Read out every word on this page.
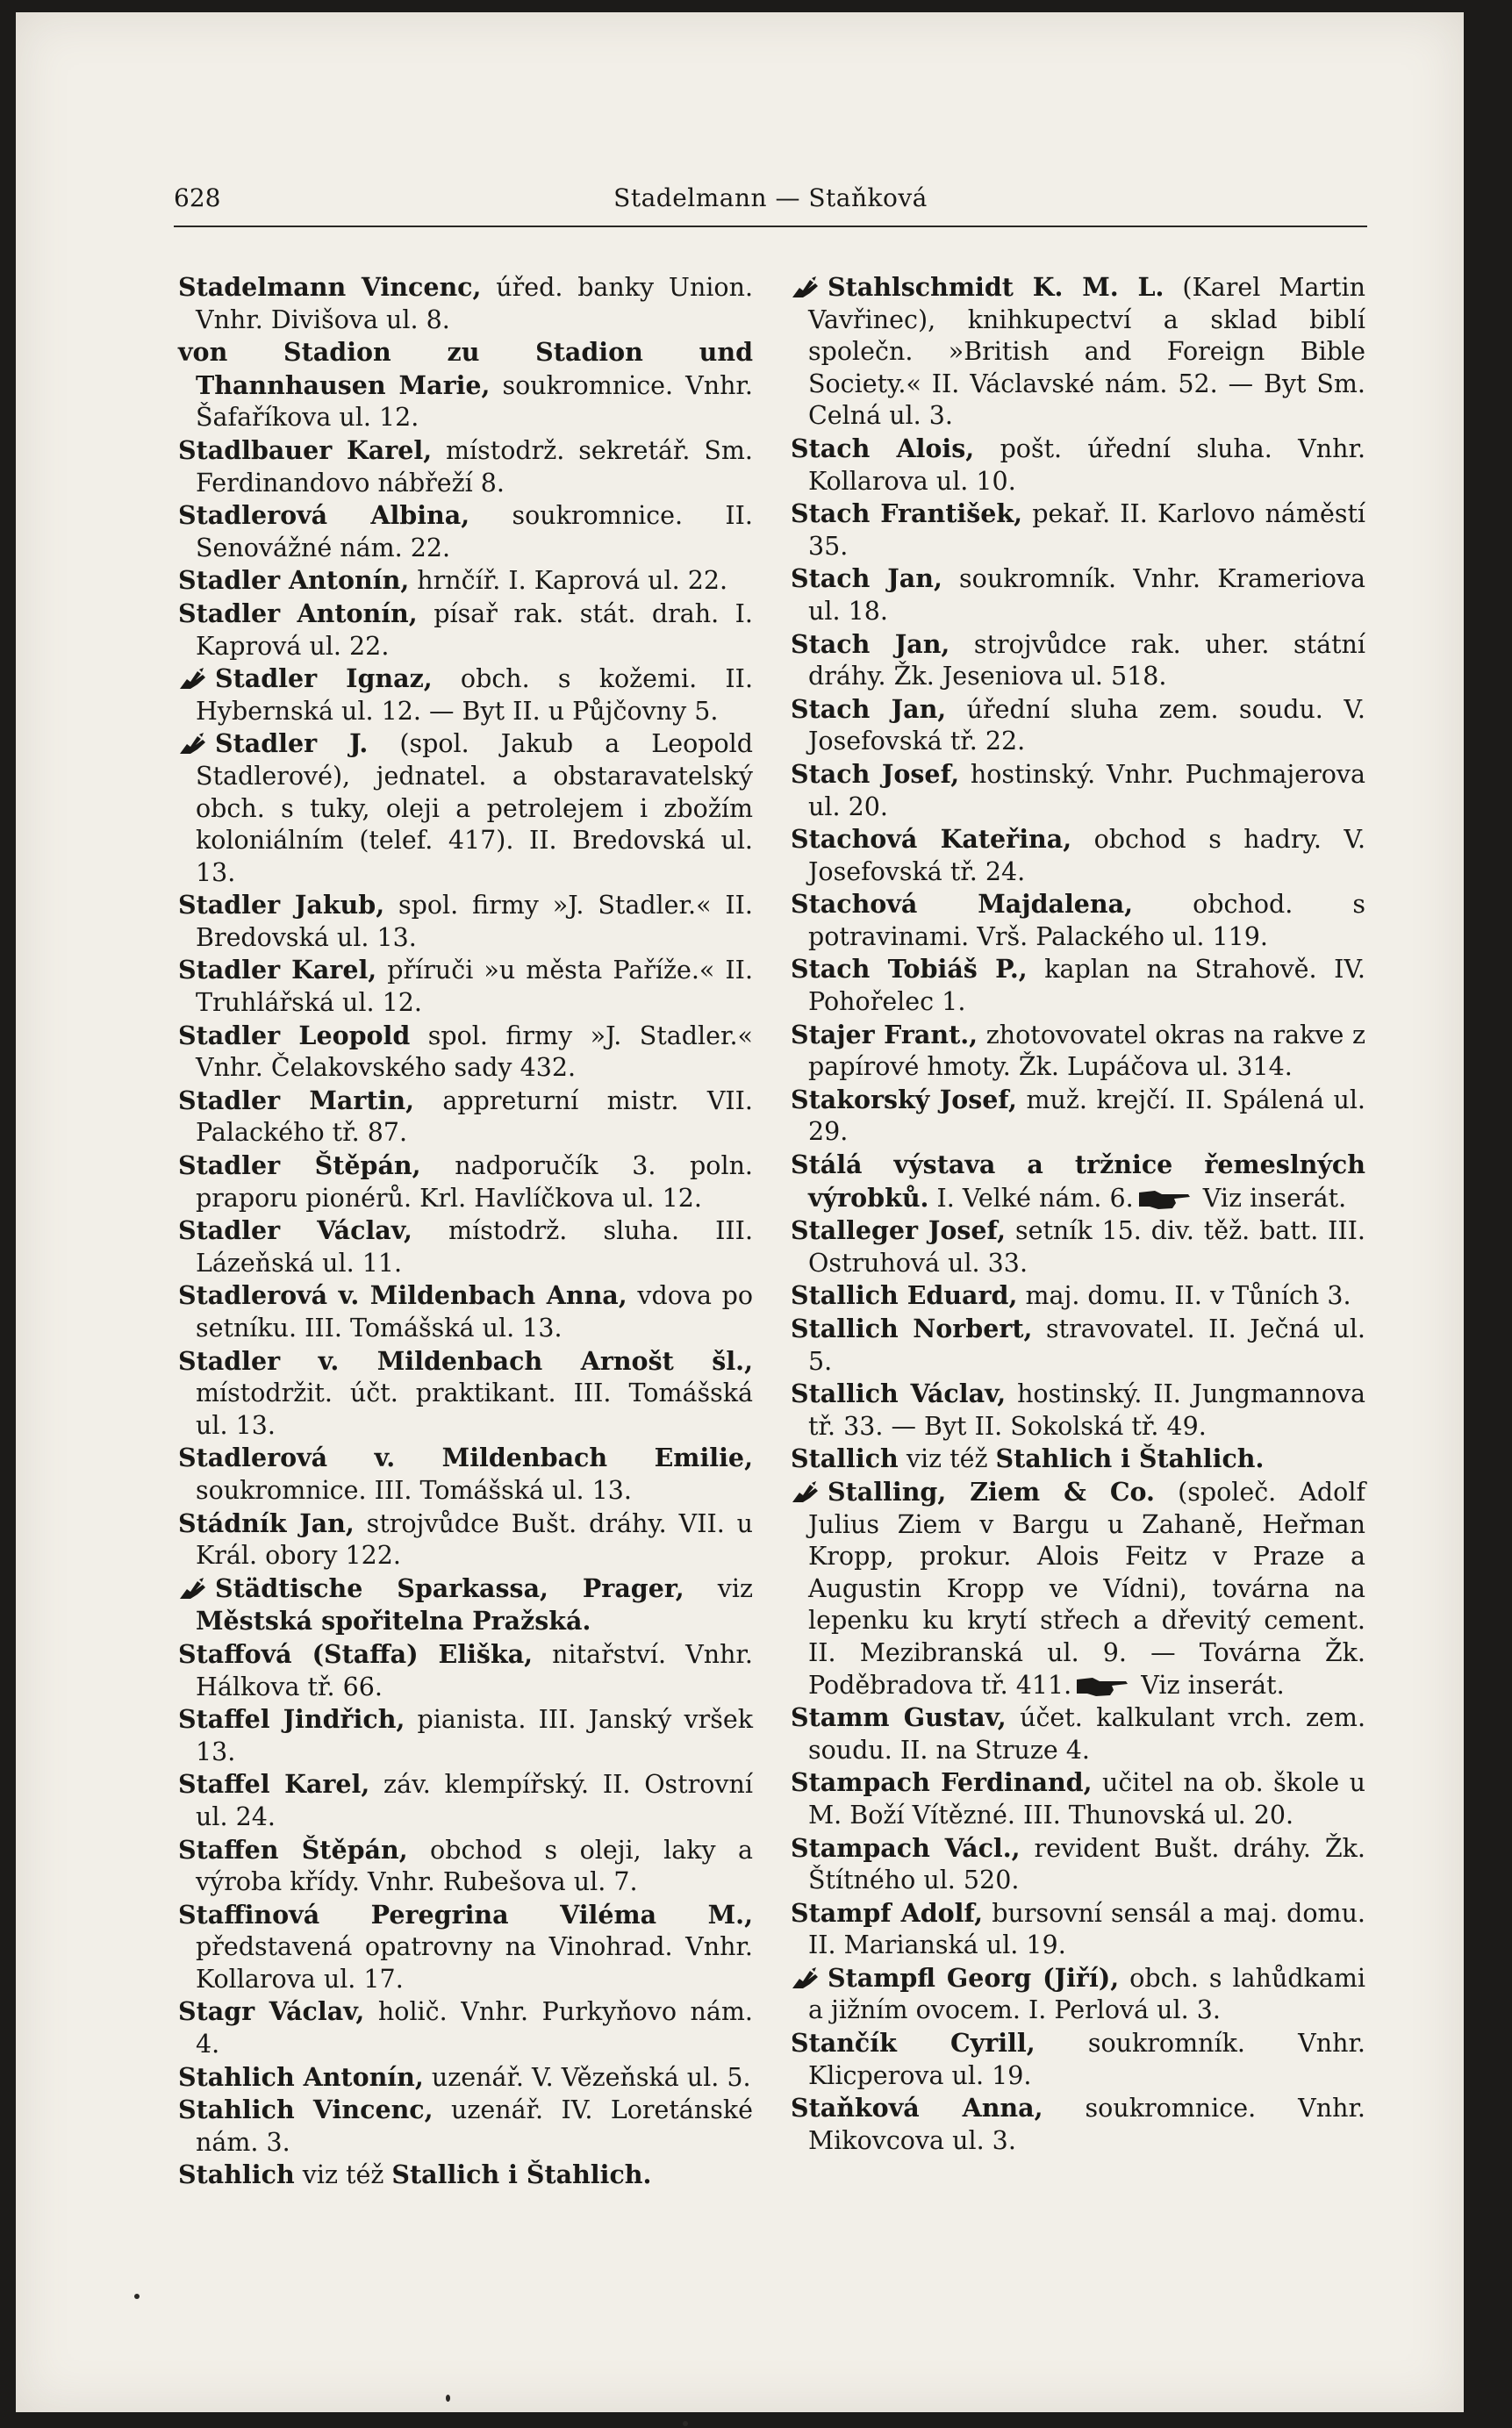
628	Stadelmann — Staňková

Stadelmann Vincenc, úřed. banky Union. Vnhr. Divišova ul. 8.

von Stadion zu Stadion und Thannhausen Marie, soukromnice. Vnhr. Šafaříkova ul. 12.

Stadlbauer Karel, místodrž. sekretář. Sm. Ferdinandovo nábřeží 8.

Stadlerová Albina, soukromnice. II. Senovážné nám. 22.

Stadler Antonín, hrnčíř. I. Kaprová ul. 22.

Stadler Antonín, písař rak. stát. drah. I. Kaprová ul. 22.

Stadler Ignaz, obch. s kožemi. II. Hybernská ul. 12. — Byt II. u Půjčovny 5.

Stadler J. (spol. Jakub a Leopold Stadlerové), jednatel. a obstaravatelský obch. s tuky, oleji a petrolejem i zbožím koloniálním (telef. 417). II. Bredovská ul. 13.

Stadler Jakub, spol. firmy »J. Stadler.« II. Bredovská ul. 13.

Stadler Karel, příruči »u města Paříže.« II. Truhlářská ul. 12.

Stadler Leopold spol. firmy »J. Stadler.« Vnhr. Čelakovského sady 432.

Stadler Martin, appreturní mistr. VII. Palackého tř. 87.

Stadler Štěpán, nadporučík 3. poln. praporu pionérů. Krl. Havlíčkova ul. 12.

Stadler Václav, místodrž. sluha. III. Lázeňská ul. 11.

Stadlerová v. Mildenbach Anna, vdova po setníku. III. Tomášská ul. 13.

Stadler v. Mildenbach Arnošt šl., místodržit. účt. praktikant. III. Tomášská ul. 13.

Stadlerová v. Mildenbach Emilie, soukromnice. III. Tomášská ul. 13.

Stádník Jan, strojvůdce Bušt. dráhy. VII. u Král. obory 122.

Städtische Sparkassa, Prager, viz Městská spořitelna Pražská.

Staffová (Staffa) Eliška, nitařství. Vnhr. Hálkova tř. 66.

Staffel Jindřich, pianista. III. Janský vršek 13.

Staffel Karel, záv. klempířský. II. Ostrovní ul. 24.

Staffen Štěpán, obchod s oleji, laky a výroba křídy. Vnhr. Rubešova ul. 7.

Staffinová Peregrina Viléma M., představená opatrovny na Vinohrad. Vnhr. Kollarova ul. 17.

Stagr Václav, holič. Vnhr. Purkyňovo nám. 4.

Stahlich Antonín, uzenář. V. Vězeňská ul. 5.

Stahlich Vincenc, uzenář. IV. Loretánské nám. 3.

Stahlich viz též Stallich i Štahlich.

Stahlschmidt K. M. L. (Karel Martin Vavřinec), knihkupectví a sklad biblí společn. »British and Foreign Bible Society.« II. Václavské nám. 52. — Byt Sm. Celná ul. 3.

Stach Alois, pošt. úřední sluha. Vnhr. Kollarova ul. 10.

Stach František, pekař. II. Karlovo náměstí 35.

Stach Jan, soukromník. Vnhr. Krameriova ul. 18.

Stach Jan, strojvůdce rak. uher. státní dráhy. Žk. Jeseniova ul. 518.

Stach Jan, úřední sluha zem. soudu. V. Josefovská tř. 22.

Stach Josef, hostinský. Vnhr. Puchmajerova ul. 20.

Stachová Kateřina, obchod s hadry. V. Josefovská tř. 24.

Stachová Majdalena, obchod. s potravinami. Vrš. Palackého ul. 119.

Stach Tobiáš P., kaplan na Strahově. IV. Pohořelec 1.

Stajer Frant., zhotovovatel okras na rakve z papírové hmoty. Žk. Lupáčova ul. 314.

Stakorský Josef, muž. krejčí. II. Spálená ul. 29.

Stálá výstava a tržnice řemeslných výrobků. I. Velké nám. 6.
Viz inserát.

Stalleger Josef, setník 15. div. těž. batt. III. Ostruhová ul. 33.

Stallich Eduard, maj. domu. II. v Tůních 3.

Stallich Norbert, stravovatel. II. Ječná ul. 5.

Stallich Václav, hostinský. II. Jungmannova tř. 33. — Byt II. Sokolská tř. 49.

Stallich viz též Stahlich i Štahlich.

Stalling, Ziem & Co. (společ. Adolf Julius Ziem v Bargu u Zahaně, Heřman Kropp, prokur. Alois Feitz v Praze a Augustin Kropp ve Vídni), továrna na lepenku ku krytí střech a dřevitý cement. II. Mezibranská ul. 9. — Továrna Žk. Poděbradova tř. 411.
Viz inserát.

Stamm Gustav, účet. kalkulant vrch. zem. soudu. II. na Struze 4.

Stampach Ferdinand, učitel na ob. škole u M. Boží Vítězné. III. Thunovská ul. 20.

Stampach Václ., revident Bušt. dráhy. Žk. Štítného ul. 520.

Stampf Adolf, bursovní sensál a maj. domu. II. Marianská ul. 19.

Stampfl Georg (Jiří), obch. s lahůdkami a jižním ovocem. I. Perlová ul. 3.

Stančík Cyrill, soukromník. Vnhr. Klicperova ul. 19.

Staňková Anna, soukromnice. Vnhr. Mikovcova ul. 3.
